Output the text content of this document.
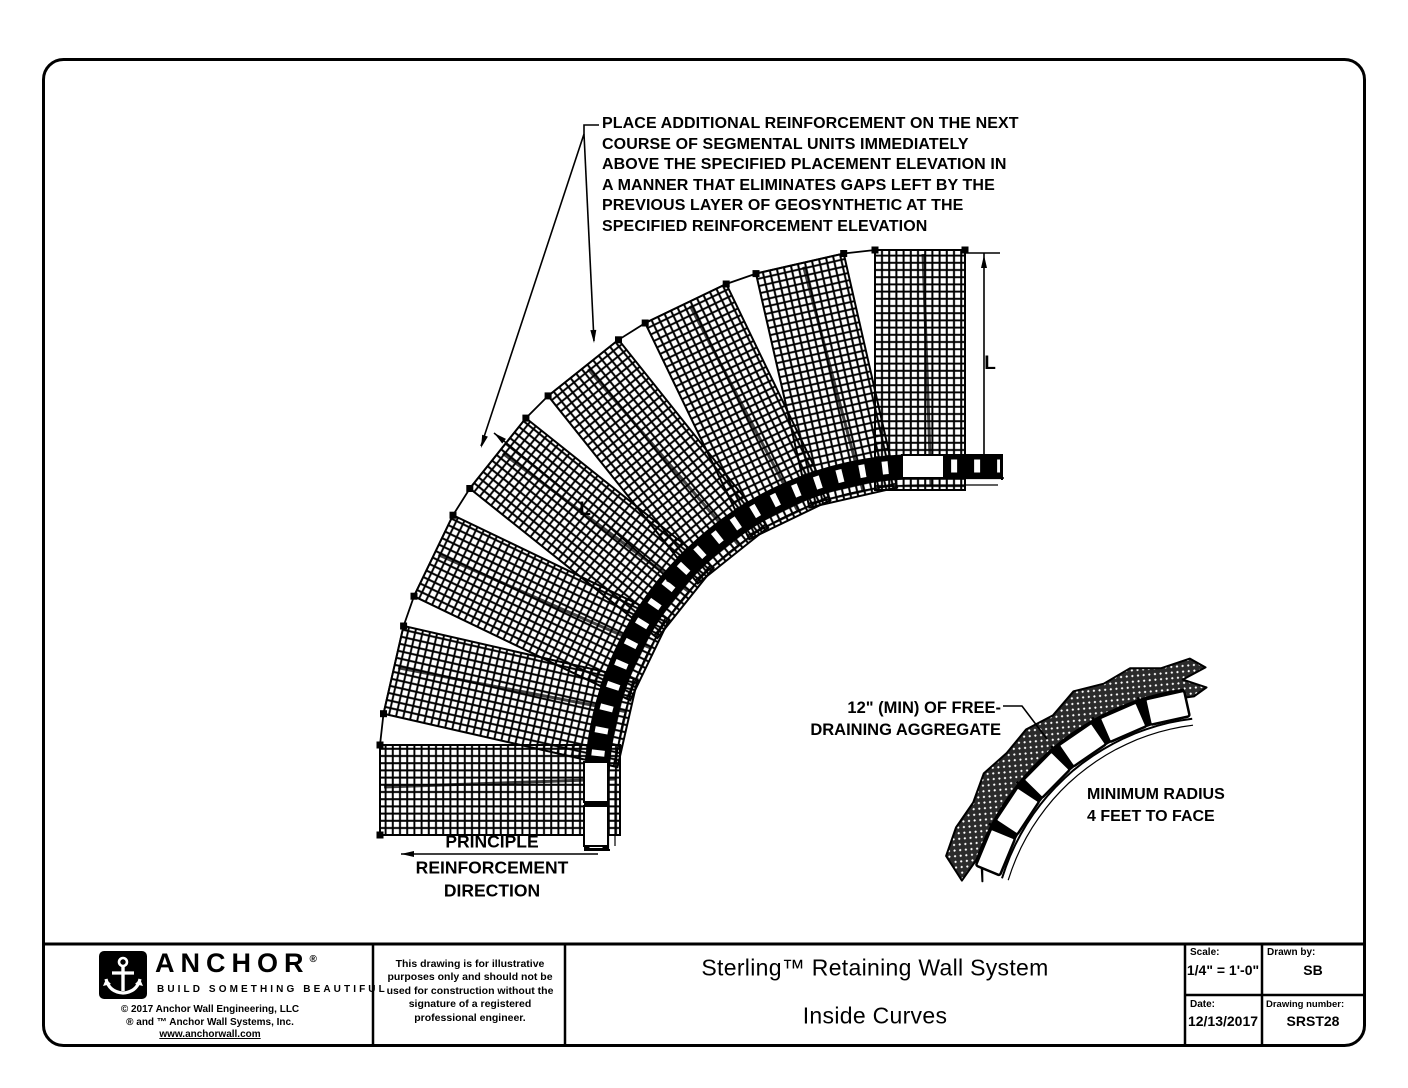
PLACE ADDITIONAL REINFORCEMENT ON THE NEXT
COURSE OF SEGMENTAL UNITS IMMEDIATELY
ABOVE THE SPECIFIED PLACEMENT ELEVATION IN
A MANNER THAT ELIMINATES GAPS LEFT BY THE
PREVIOUS LAYER OF GEOSYNTHETIC AT THE
SPECIFIED REINFORCEMENT ELEVATION
L
L
PRINCIPLE
REINFORCEMENT
DIRECTION
12" (MIN) OF FREE-
DRAINING AGGREGATE
MINIMUM RADIUS
4 FEET TO FACE
ANCHOR®
BUILD SOMETHING BEAUTIFUL
© 2017 Anchor Wall Engineering, LLC
® and ™ Anchor Wall Systems, Inc.
www.anchorwall.com
This drawing is for illustrative
purposes only and should not be
used for construction without the
signature of a registered
professional engineer.
Sterling™ Retaining Wall System
Inside Curves
Scale:
1/4" = 1'-0"
Drawn by:
SB
Date:
12/13/2017
Drawing number:
SRST28
